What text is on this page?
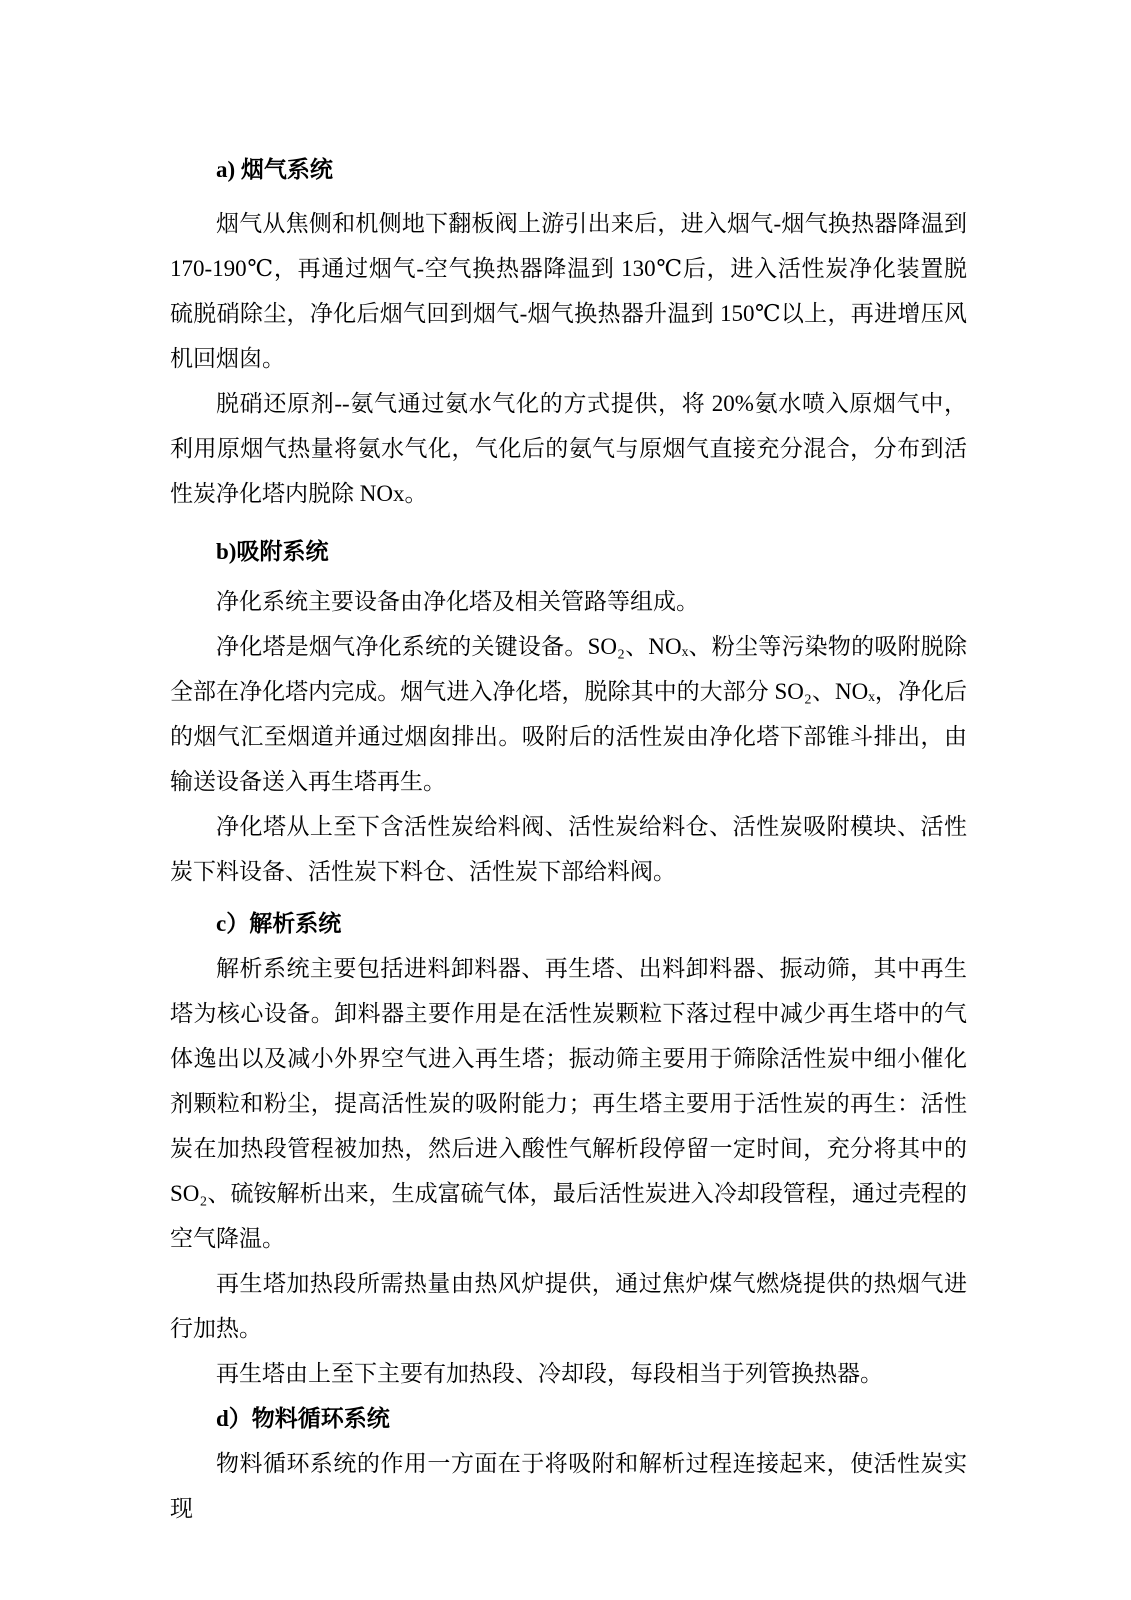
a) 烟气系统

烟气从焦侧和机侧地下翻板阀上游引出来后，进入烟气-烟气换热器降温到 170-190℃，再通过烟气-空气换热器降温到 130℃后，进入活性炭净化装置脱硫脱硝除尘，净化后烟气回到烟气-烟气换热器升温到 150℃以上，再进增压风机回烟囱。

脱硝还原剂--氨气通过氨水气化的方式提供，将 20%氨水喷入原烟气中，利用原烟气热量将氨水气化，气化后的氨气与原烟气直接充分混合，分布到活性炭净化塔内脱除 NOx。

b)吸附系统

净化系统主要设备由净化塔及相关管路等组成。

净化塔是烟气净化系统的关键设备。SO₂、NOₓ、粉尘等污染物的吸附脱除全部在净化塔内完成。烟气进入净化塔，脱除其中的大部分 SO₂、NOₓ，净化后的烟气汇至烟道并通过烟囱排出。吸附后的活性炭由净化塔下部锥斗排出，由输送设备送入再生塔再生。

净化塔从上至下含活性炭给料阀、活性炭给料仓、活性炭吸附模块、活性炭下料设备、活性炭下料仓、活性炭下部给料阀。

c）解析系统

解析系统主要包括进料卸料器、再生塔、出料卸料器、振动筛，其中再生塔为核心设备。卸料器主要作用是在活性炭颗粒下落过程中减少再生塔中的气体逸出以及减小外界空气进入再生塔；振动筛主要用于筛除活性炭中细小催化剂颗粒和粉尘，提高活性炭的吸附能力；再生塔主要用于活性炭的再生：活性炭在加热段管程被加热，然后进入酸性气解析段停留一定时间，充分将其中的 SO₂、硫铵解析出来，生成富硫气体，最后活性炭进入冷却段管程，通过壳程的空气降温。

再生塔加热段所需热量由热风炉提供，通过焦炉煤气燃烧提供的热烟气进行加热。

再生塔由上至下主要有加热段、冷却段，每段相当于列管换热器。

d）物料循环系统

物料循环系统的作用一方面在于将吸附和解析过程连接起来，使活性炭实现
